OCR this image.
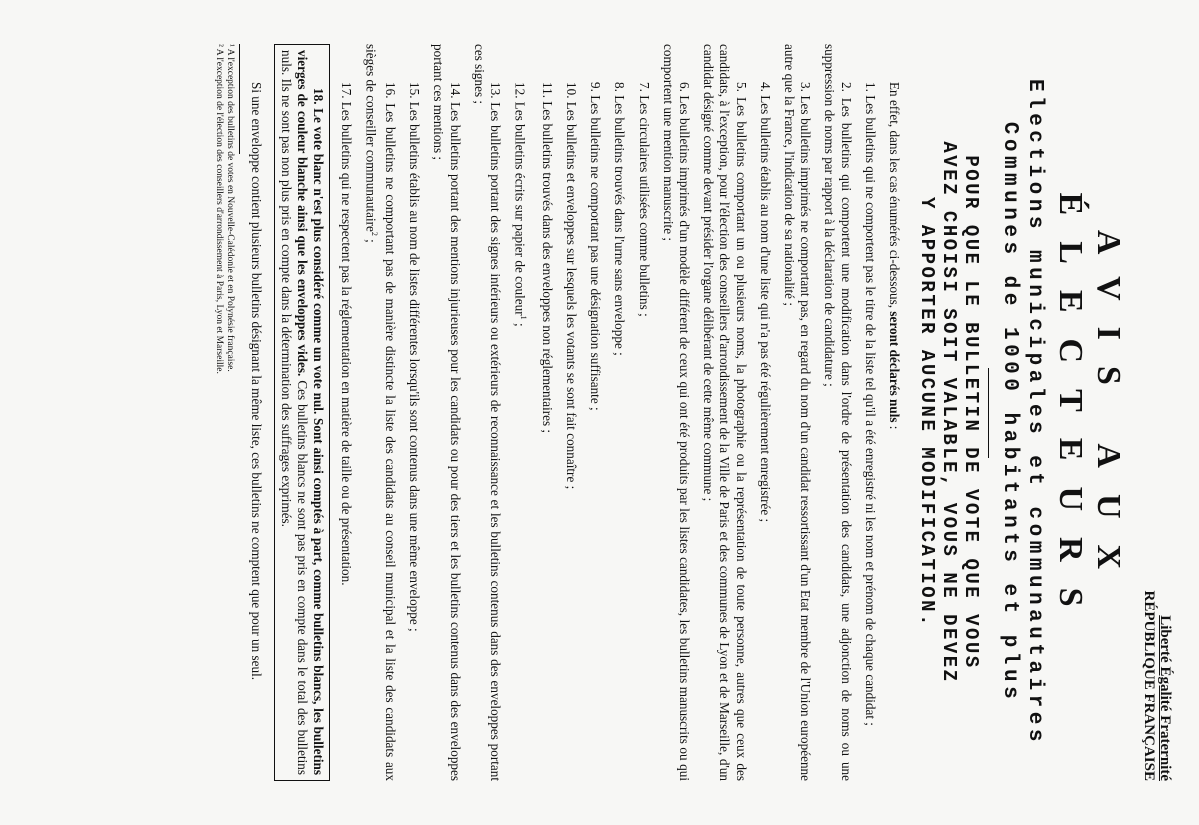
Liberté Égalité Fraternité
RÉPUBLIQUE FRANÇAISE
AVIS AUX ÉLECTEURS

Elections municipales et communautaires

Communes de 1000 habitants et plus

POUR QUE LE BULLETIN DE VOTE QUE VOUS
AVEZ CHOISI SOIT VALABLE, VOUS NE DEVEZ
Y APPORTER AUCUNE MODIFICATION.

En effet, dans les cas énumérés ci-dessous, seront déclarés nuls :

1. Les bulletins qui ne comportent pas le titre de la liste tel qu'il a été enregistré ni les nom et prénom de chaque candidat ;

2. Les bulletins qui comportent une modification dans l'ordre de présentation des candidats, une adjonction de noms ou une suppression de noms par rapport à la déclaration de candidature ;

3. Les bulletins imprimés ne comportant pas, en regard du nom d'un candidat ressortissant d'un Etat membre de l'Union européenne autre que la France, l'indication de sa nationalité ;

4. Les bulletins établis au nom d'une liste qui n'a pas été régulièrement enregistrée ;

5. Les bulletins comportant un ou plusieurs noms, la photographie ou la représentation de toute personne, autres que ceux des candidats, à l'exception, pour l'élection des conseillers d'arrondissement de la Ville de Paris et des communes de Lyon et de Marseille, d'un candidat désigné comme devant présider l'organe délibérant de cette même commune ;

6. Les bulletins imprimés d'un modèle différent de ceux qui ont été produits par les listes candidates, les bulletins manuscrits ou qui comportent une mention manuscrite ;

7. Les circulaires utilisées comme bulletins ;

8. Les bulletins trouvés dans l'urne sans enveloppe ;

9. Les bulletins ne comportant pas une désignation suffisante ;

10. Les bulletins et enveloppes sur lesquels les votants se sont fait connaître ;

11. Les bulletins trouvés dans des enveloppes non réglementaires ;

12. Les bulletins écrits sur papier de couleur$^1$ ;

13. Les bulletins portant des signes intérieurs ou extérieurs de reconnaissance et les bulletins contenus dans des enveloppes portant ces signes ;

14. Les bulletins portant des mentions injurieuses pour les candidats ou pour des tiers et les bulletins contenus dans des enveloppes portant ces mentions ;

15. Les bulletins établis au nom de listes différentes lorsqu'ils sont contenus dans une même enveloppe ;

16. Les bulletins ne comportant pas de manière distincte la liste des candidats au conseil municipal et la liste des candidats aux sièges de conseiller communautaire$^2$ ;

17. Les bulletins qui ne respectent pas la réglementation en matière de taille ou de présentation.

18. Le vote blanc n'est plus considéré comme un vote nul. Sont ainsi comptés à part, comme bulletins blancs, les bulletins vierges de couleur blanche ainsi que les enveloppes vides. Ces bulletins blancs ne sont pas pris en compte dans le total des bulletins nuls. Ils ne sont pas non plus pris en compte dans la détermination des suffrages exprimés.

Si une enveloppe contient plusieurs bulletins désignant la même liste, ces bulletins ne comptent que pour un seul.

¹ A l'exception des bulletins de votes en Nouvelle-Calédonie et en Polynésie française.
² A l'exception de l'élection des conseillers d'arrondissement à Paris, Lyon et Marseille.
